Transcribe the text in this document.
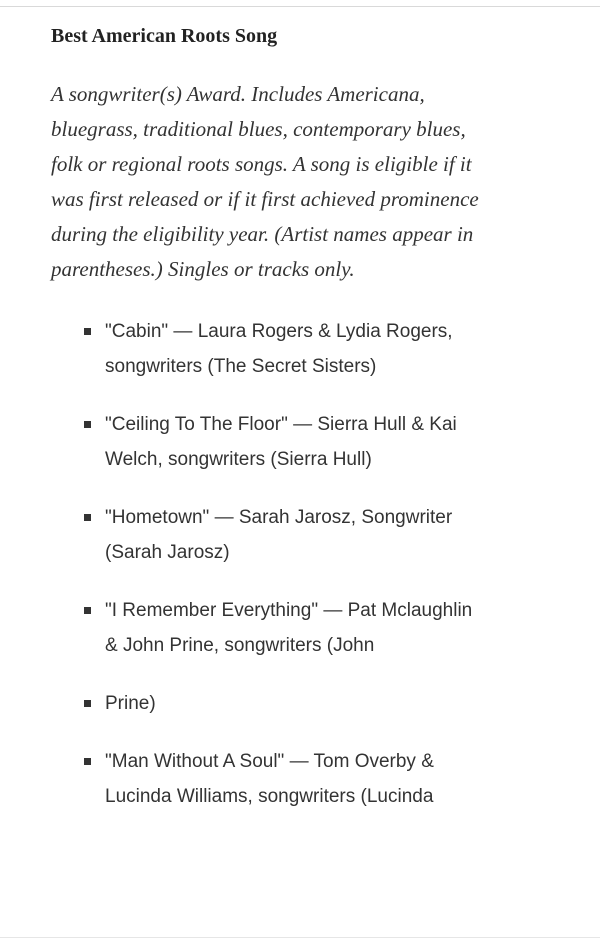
Best American Roots Song

A songwriter(s) Award. Includes Americana, bluegrass, traditional blues, contemporary blues, folk or regional roots songs. A song is eligible if it was first released or if it first achieved prominence during the eligibility year. (Artist names appear in parentheses.) Singles or tracks only.

"Cabin" — Laura Rogers & Lydia Rogers, songwriters (The Secret Sisters)
"Ceiling To The Floor" — Sierra Hull & Kai Welch, songwriters (Sierra Hull)
"Hometown" — Sarah Jarosz, Songwriter (Sarah Jarosz)
"I Remember Everything" — Pat Mclaughlin & John Prine, songwriters (John
Prine)
"Man Without A Soul" — Tom Overby & Lucinda Williams, songwriters (Lucinda
